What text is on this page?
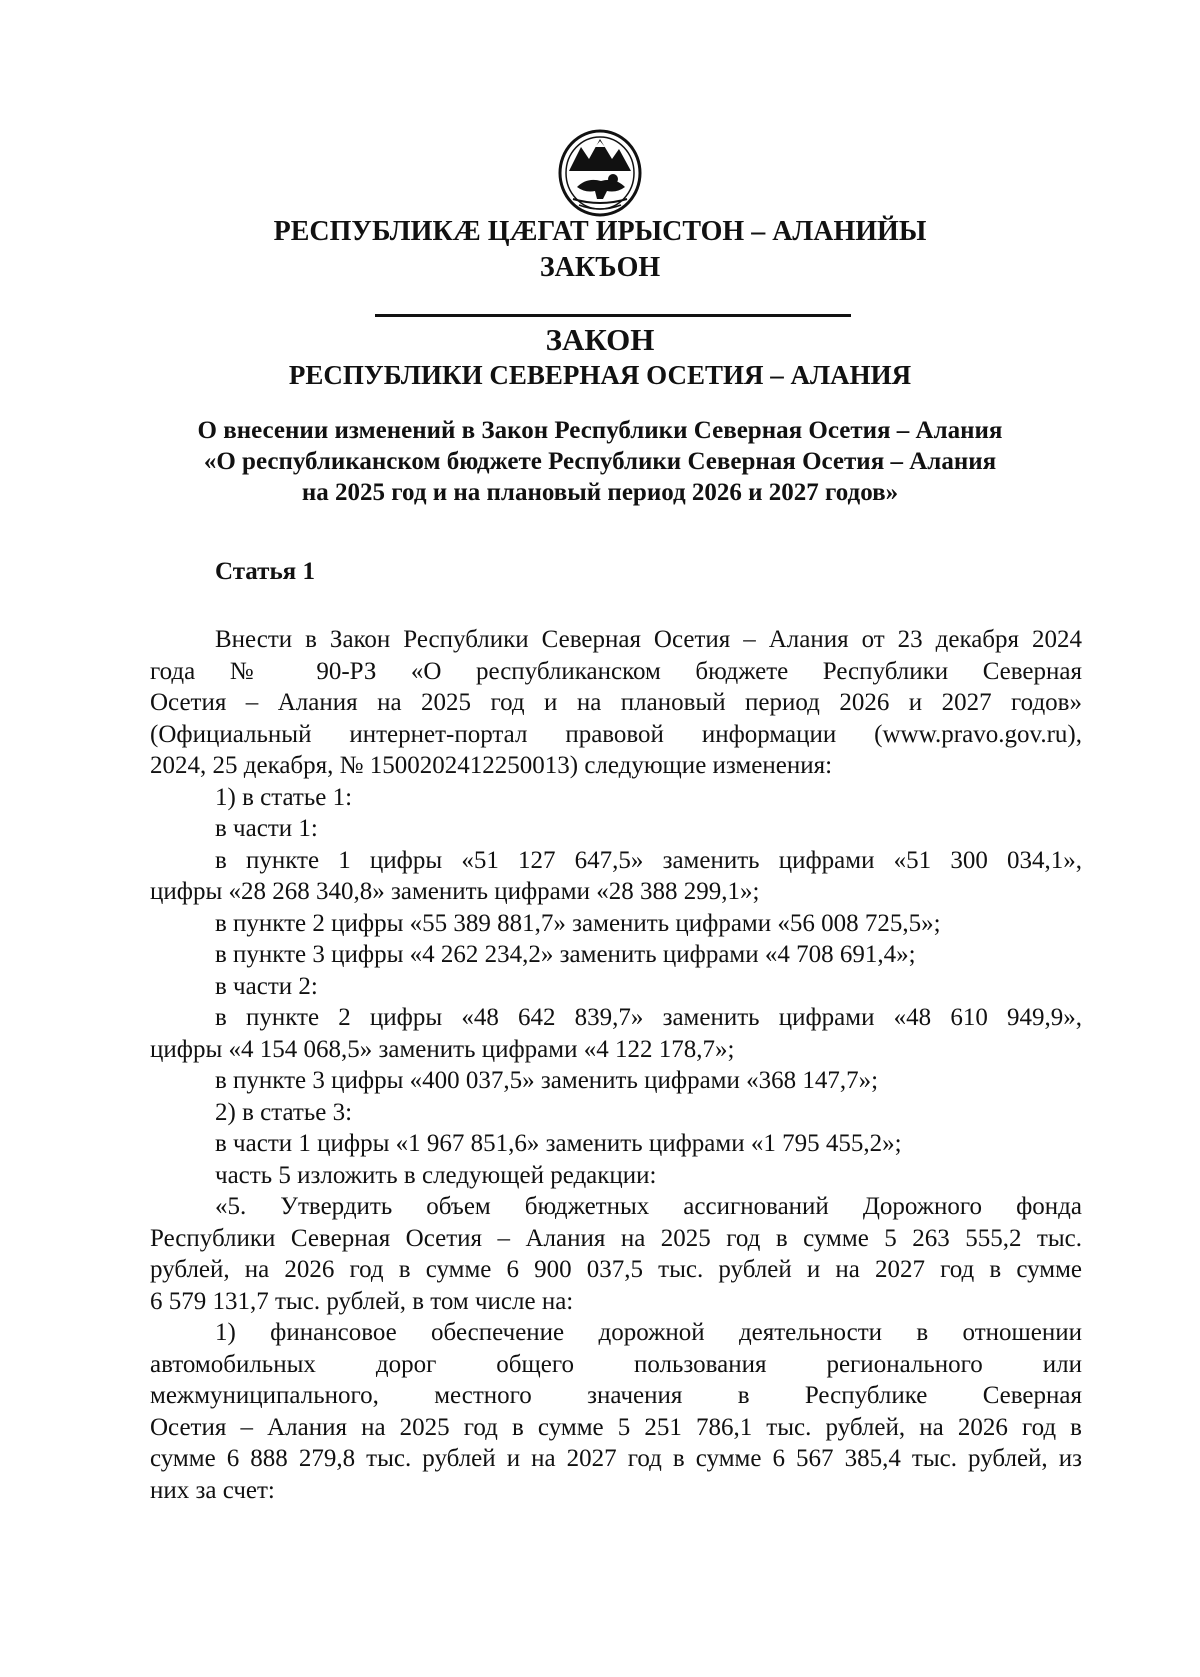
РЕСПУБЛИКӔ ЦӔГАТ ИРЫСТОН – АЛАНИЙЫ
ЗАКЪОН
ЗАКОН
РЕСПУБЛИКИ СЕВЕРНАЯ ОСЕТИЯ – АЛАНИЯ
О внесении изменений в Закон Республики Северная Осетия – Алания
«О республиканском бюджете Республики Северная Осетия – Алания
на 2025 год и на плановый период 2026 и 2027 годов»
Статья 1
Внести в Закон Республики Северная Осетия – Алания от 23 декабря 2024
года № 90-РЗ «О республиканском бюджете Республики Северная
Осетия – Алания на 2025 год и на плановый период 2026 и 2027 годов»
(Официальный интернет-портал правовой информации (www.pravo.gov.ru),
2024, 25 декабря, № 1500202412250013) следующие изменения:
1) в статье 1:
в части 1:
в пункте 1 цифры «51 127 647,5» заменить цифрами «51 300 034,1»,
цифры «28 268 340,8» заменить цифрами «28 388 299,1»;
в пункте 2 цифры «55 389 881,7» заменить цифрами «56 008 725,5»;
в пункте 3 цифры «4 262 234,2» заменить цифрами «4 708 691,4»;
в части 2:
в пункте 2 цифры «48 642 839,7» заменить цифрами «48 610 949,9»,
цифры «4 154 068,5» заменить цифрами «4 122 178,7»;
в пункте 3 цифры «400 037,5» заменить цифрами «368 147,7»;
2) в статье 3:
в части 1 цифры «1 967 851,6» заменить цифрами «1 795 455,2»;
часть 5 изложить в следующей редакции:
«5. Утвердить объем бюджетных ассигнований Дорожного фонда
Республики Северная Осетия – Алания на 2025 год в сумме 5 263 555,2 тыс.
рублей, на 2026 год в сумме 6 900 037,5 тыс. рублей и на 2027 год в сумме
6 579 131,7 тыс. рублей, в том числе на:
1) финансовое обеспечение дорожной деятельности в отношении
автомобильных дорог общего пользования регионального или
межмуниципального, местного значения в Республике Северная
Осетия – Алания на 2025 год в сумме 5 251 786,1 тыс. рублей, на 2026 год в
сумме 6 888 279,8 тыс. рублей и на 2027 год в сумме 6 567 385,4 тыс. рублей, из
них за счет:
